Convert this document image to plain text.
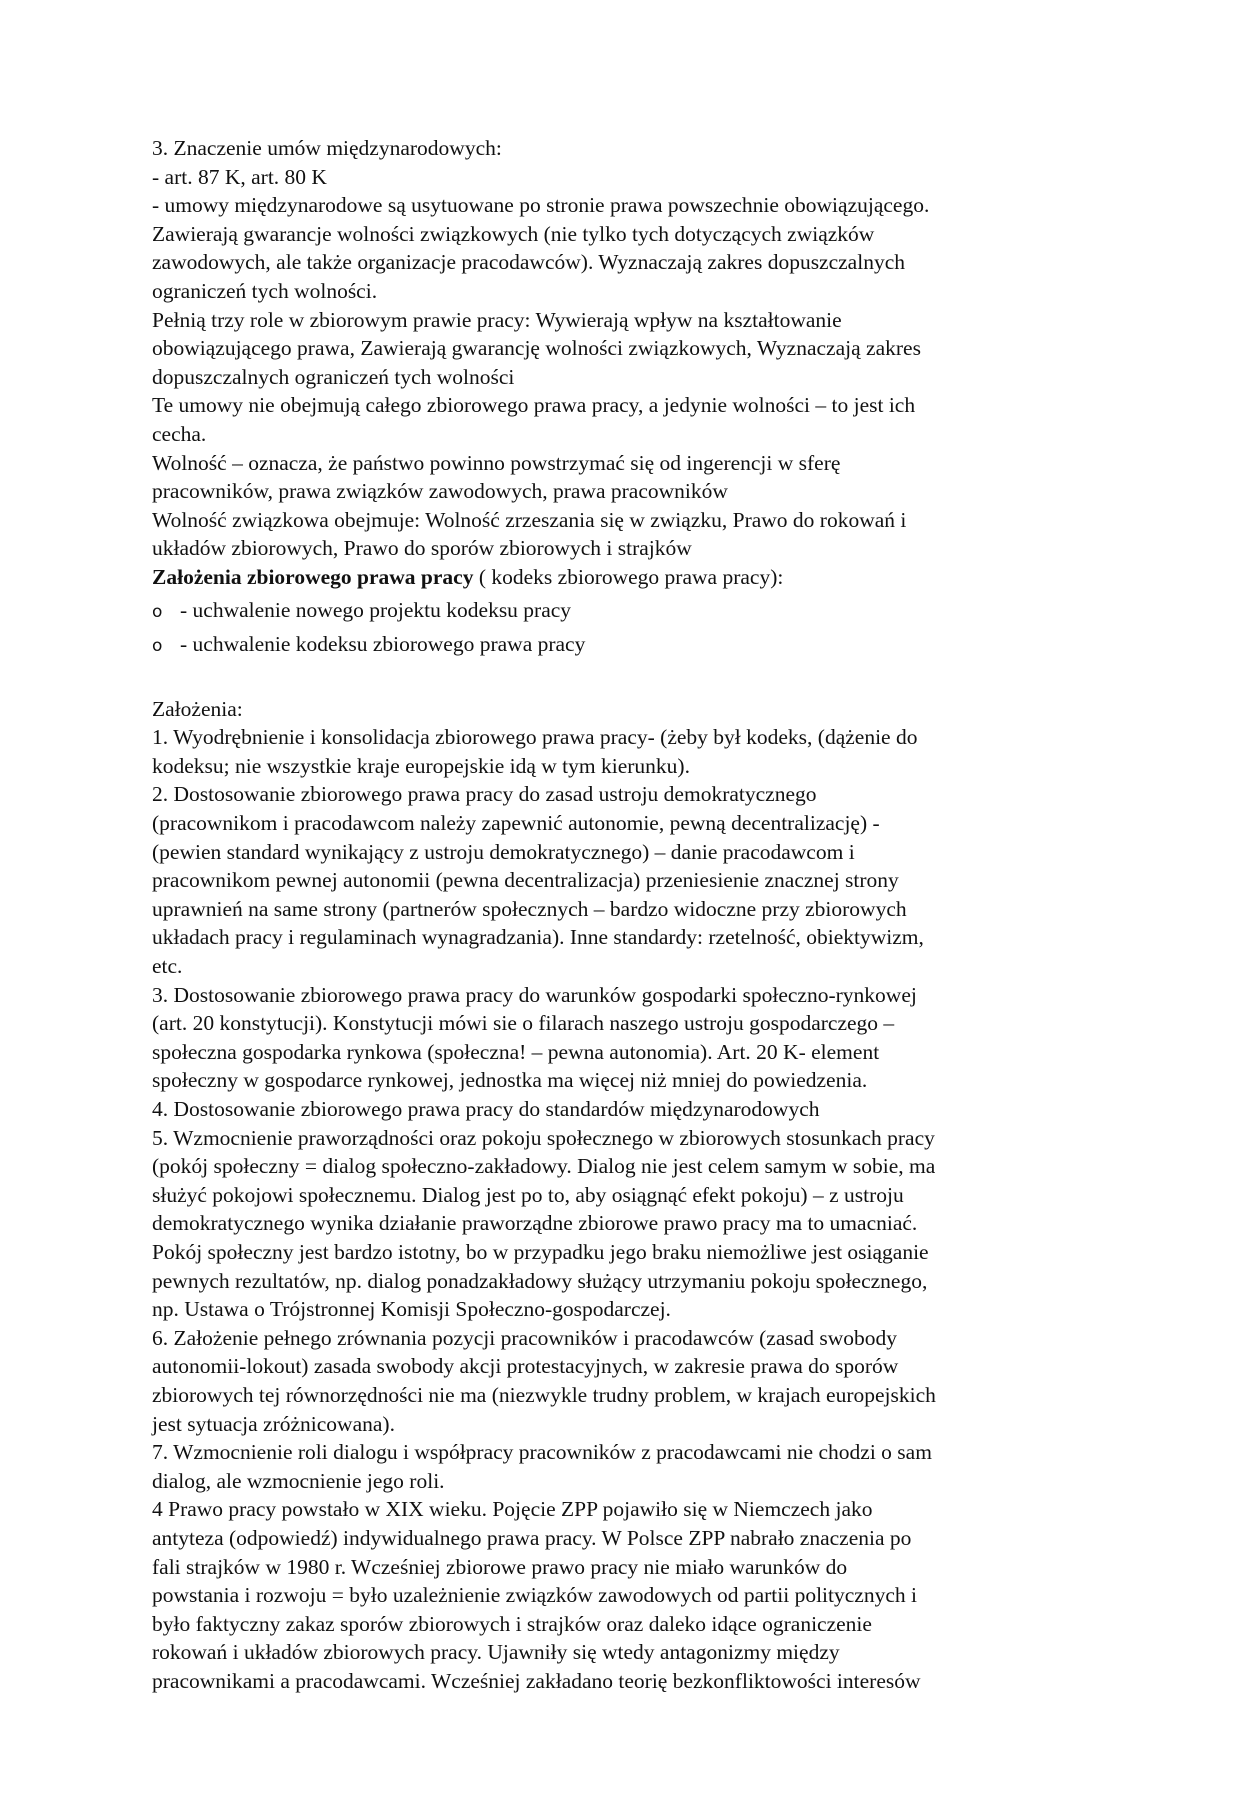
3. Znaczenie umów międzynarodowych:

- art. 87 K, art. 80 K

- umowy międzynarodowe są usytuowane po stronie prawa powszechnie obowiązującego.

Zawierają gwarancje wolności związkowych (nie tylko tych dotyczących związków

zawodowych, ale także organizacje pracodawców). Wyznaczają zakres dopuszczalnych

ograniczeń tych wolności.

Pełnią trzy role w zbiorowym prawie pracy: Wywierają wpływ na kształtowanie

obowiązującego prawa, Zawierają gwarancję wolności związkowych, Wyznaczają zakres

dopuszczalnych ograniczeń tych wolności

Te umowy nie obejmują całego zbiorowego prawa pracy, a jedynie wolności – to jest ich

cecha.

Wolność – oznacza, że państwo powinno powstrzymać się od ingerencji w sferę

pracowników, prawa związków zawodowych, prawa pracowników

Wolność związkowa obejmuje: Wolność zrzeszania się w związku, Prawo do rokowań i

układów zbiorowych, Prawo do sporów zbiorowych i strajków

Założenia zbiorowego prawa pracy ( kodeks zbiorowego prawa pracy):

o - uchwalenie nowego projektu kodeksu pracy

o - uchwalenie kodeksu zbiorowego prawa pracy

Założenia:

1. Wyodrębnienie i konsolidacja zbiorowego prawa pracy- (żeby był kodeks, (dążenie do

kodeksu; nie wszystkie kraje europejskie idą w tym kierunku).

2. Dostosowanie zbiorowego prawa pracy do zasad ustroju demokratycznego

(pracownikom i pracodawcom należy zapewnić autonomie, pewną decentralizację) -

(pewien standard wynikający z ustroju demokratycznego) – danie pracodawcom i

pracownikom pewnej autonomii (pewna decentralizacja) przeniesienie znacznej strony

uprawnień na same strony (partnerów społecznych – bardzo widoczne przy zbiorowych

układach pracy i regulaminach wynagradzania). Inne standardy: rzetelność, obiektywizm,

etc.

3. Dostosowanie zbiorowego prawa pracy do warunków gospodarki społeczno-rynkowej

(art. 20 konstytucji). Konstytucji mówi sie o filarach naszego ustroju gospodarczego –

społeczna gospodarka rynkowa (społeczna! – pewna autonomia). Art. 20 K- element

społeczny w gospodarce rynkowej, jednostka ma więcej niż mniej do powiedzenia.

4. Dostosowanie zbiorowego prawa pracy do standardów międzynarodowych

5. Wzmocnienie praworządności oraz pokoju społecznego w zbiorowych stosunkach pracy

(pokój społeczny = dialog społeczno-zakładowy. Dialog nie jest celem samym w sobie, ma

służyć pokojowi społecznemu. Dialog jest po to, aby osiągnąć efekt pokoju) – z ustroju

demokratycznego wynika działanie praworządne zbiorowe prawo pracy ma to umacniać.

Pokój społeczny jest bardzo istotny, bo w przypadku jego braku niemożliwe jest osiąganie

pewnych rezultatów, np. dialog ponadzakładowy służący utrzymaniu pokoju społecznego,

np. Ustawa o Trójstronnej Komisji Społeczno-gospodarczej.

6. Założenie pełnego zrównania pozycji pracowników i pracodawców (zasad swobody

autonomii-lokout) zasada swobody akcji protestacyjnych, w zakresie prawa do sporów

zbiorowych tej równorzędności nie ma (niezwykle trudny problem, w krajach europejskich

jest sytuacja zróżnicowana).

7. Wzmocnienie roli dialogu i współpracy pracowników z pracodawcami nie chodzi o sam

dialog, ale wzmocnienie jego roli.

4 Prawo pracy powstało w XIX wieku. Pojęcie ZPP pojawiło się w Niemczech jako

antyteza (odpowiedź) indywidualnego prawa pracy. W Polsce ZPP nabrało znaczenia po

fali strajków w 1980 r. Wcześniej zbiorowe prawo pracy nie miało warunków do

powstania i rozwoju = było uzależnienie związków zawodowych od partii politycznych i

było faktyczny zakaz sporów zbiorowych i strajków oraz daleko idące ograniczenie

rokowań i układów zbiorowych pracy. Ujawniły się wtedy antagonizmy między

pracownikami a pracodawcami. Wcześniej zakładano teorię bezkonfliktowości interesów
